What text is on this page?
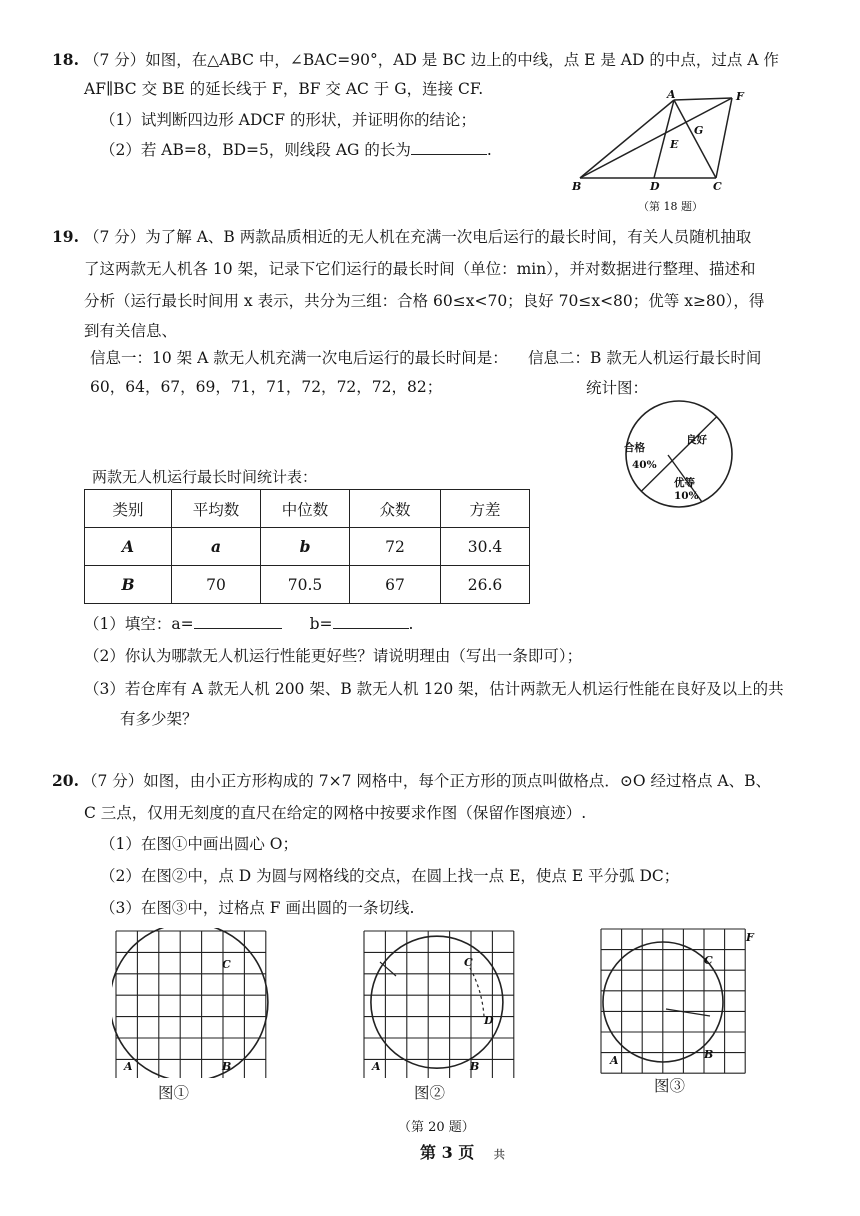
18. （7 分）如图，在△ABC 中，∠BAC=90°，AD 是 BC 边上的中线，点 E 是 AD 的中点，过点 A 作
AF∥BC 交 BE 的延长线于 F，BF 交 AC 于 G，连接 CF.
（1）试判断四边形 ADCF 的形状，并证明你的结论；
（2）若 AB=8，BD=5，则线段 AG 的长为	.
A	F
G
E
B	D	C
（第 18 题）
19. （7 分）为了解 A、B 两款品质相近的无人机在充满一次电后运行的最长时间，有关人员随机抽取
了这两款无人机各 10 架，记录下它们运行的最长时间（单位：min），并对数据进行整理、描述和
分析（运行最长时间用 x 表示，共分为三组：合格 60≤x<70；良好 70≤x<80；优等 x≥80），得
到有关信息、
信息一：10 架 A 款无人机充满一次电后运行的最长时间是：
60，64，67，69，71，71，72，72，72，82；
信息二：B 款无人机运行最长时间
统计图：
合格
40%
良好
优等
10%
两款无人机运行最长时间统计表：
类别	平均数	中位数	众数	方差
A	a	b	72	30.4
B	70	70.5	67	26.6
（1）填空：a=	b=	.
（2）你认为哪款无人机运行性能更好些？请说明理由（写出一条即可）；
（3）若仓库有 A 款无人机 200 架、B 款无人机 120 架，估计两款无人机运行性能在良好及以上的共
有多少架？
20. （7 分）如图，由小正方形构成的 7×7 网格中，每个正方形的顶点叫做格点．⊙O 经过格点 A、B、
C 三点，仅用无刻度的直尺在给定的网格中按要求作图（保留作图痕迹）.
（1）在图①中画出圆心 O；
（2）在图②中，点 D 为圆与网格线的交点，在圆上找一点 E，使点 E 平分弧 DC；
（3）在图③中，过格点 F 画出圆的一条切线.
C
A	B
图①
C
D
A	B
图②
F
C
A	B
图③
（第 20 题）
第 3 页 共
